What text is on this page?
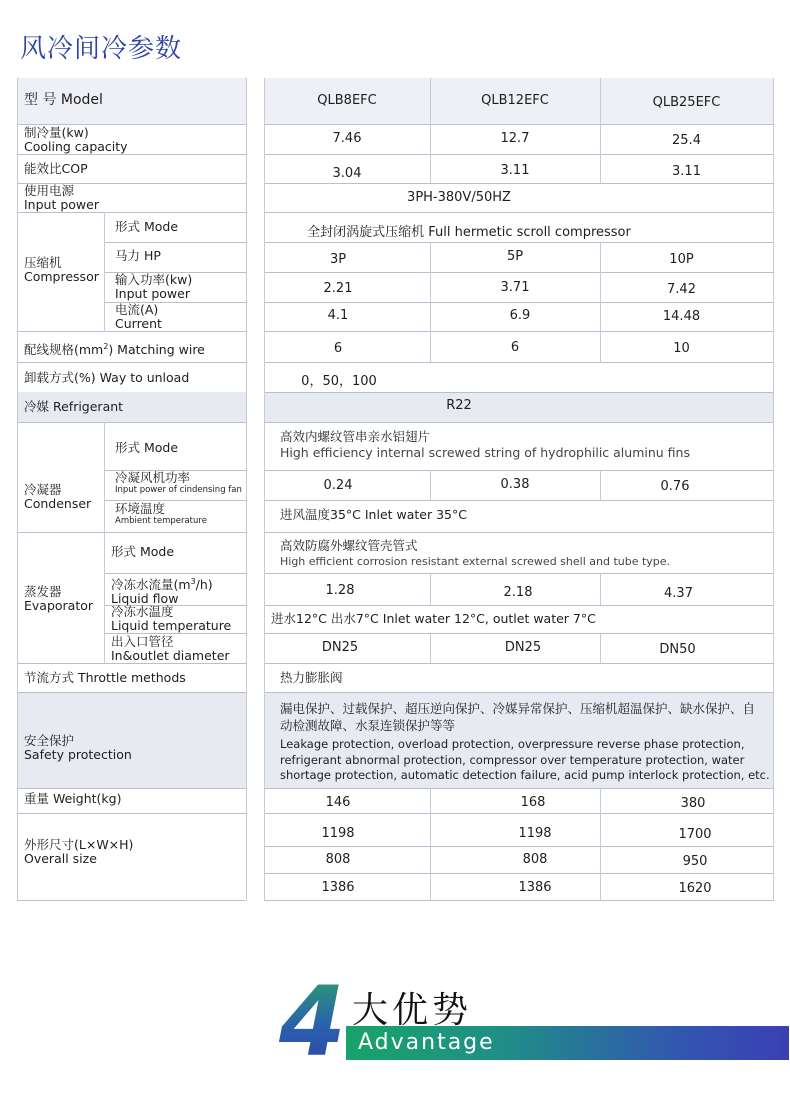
风冷间冷参数
型 号 Model	QLB8EFC	QLB12EFC	QLB25EFC
制冷量(kw)
Cooling capacity
7.46	12.7	25.4
能效比COP	3.04	3.11	3.11
使用电源
Input power	3PH-380V/50HZ
压缩机
Compressor
形式 Mode	全封闭涡旋式压缩机 Full hermetic scroll compressor
马力 HP	3P	5P	10P
输入功率(kw)
Input power	2.21	3.71	7.42
电流(A)
Current
4.1	6.9	14.48
配线规格$(mm^2)$ Matching wire	6	6	10
卸载方式(%) Way to unload	0，50，100
冷媒 Refrigerant	R22
冷凝器
Condenser
形式 Mode
高效内螺纹管串亲水铝翅片
High efficiency internal screwed string of hydrophilic aluminu fins
冷凝风机功率
Input power of cindensing fan	0.24	0.38	0.76
环境温度
Ambient temperature	进风温度35°C Inlet water 35°C
蒸发器
Evaporator
形式 Mode	高效防腐外螺纹管壳管式
High efficient corrosion resistant external screwed shell and tube type.
冷冻水流量$(m^3/h)$
Liquid flow
1.28	2.18	4.37
冷冻水温度
Liquid temperature	进水12°C 出水7°C Inlet water 12°C, outlet water 7°C
出入口管径
In&outlet diameter
DN25	DN25	DN50
节流方式 Throttle methods	热力膨胀阀
安全保护
Safety protection
漏电保护、过载保护、超压逆向保护、冷媒异常保护、压缩机超温保护、缺水保护、自动检测故障、水泵连锁保护等等
Leakage protection, overload protection, overpressure reverse phase protection, refrigerant abnormal protection, compressor over temperature protection, water shortage protection, automatic detection failure, acid pump interlock protection, etc.
重量 Weight(kg)	146	168	380
外形尺寸(L×W×H)
Overall size
1198	1198	1700
808	808	950
1386	1386	1620
4 大优势
Advantage
